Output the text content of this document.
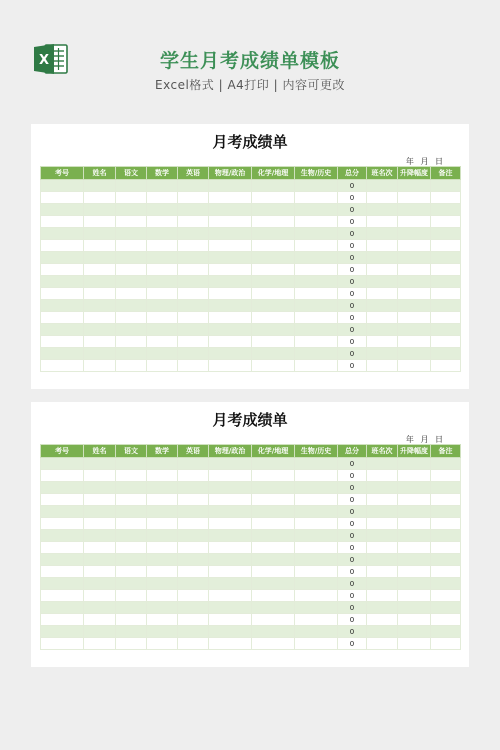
X	学生月考成绩单模板
Excel格式 | A4打印 | 内容可更改
月考成绩单
年 月 日
考号	姓名	语文	数学	英语	物理/政治	化学/地理	生物/历史	总分	班名次	升降幅度	备注
								0			
								0			
								0			
								0			
								0			
								0			
								0			
								0			
								0			
								0			
								0			
								0			
								0			
								0			
								0			
								0			
月考成绩单
年 月 日
考号	姓名	语文	数学	英语	物理/政治	化学/地理	生物/历史	总分	班名次	升降幅度	备注
								0			
								0			
								0			
								0			
								0			
								0			
								0			
								0			
								0			
								0			
								0			
								0			
								0			
								0			
								0			
								0			
